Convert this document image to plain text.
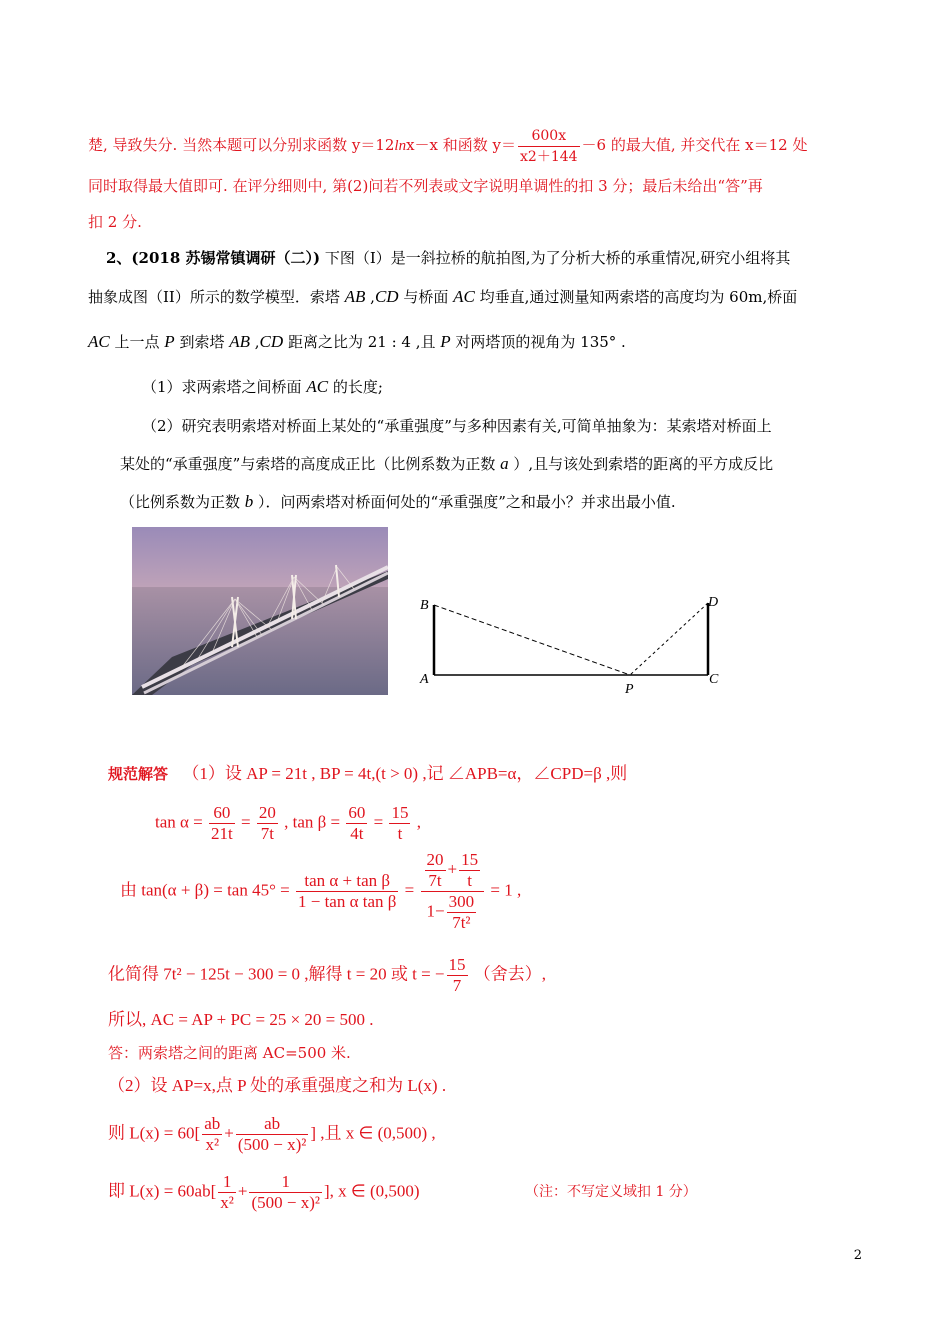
楚, 导致失分. 当然本题可以分别求函数 y＝12lnx－x 和函数 $y= \frac{600x}{x2+144} -6$ 的最大值, 并交代在 x＝12 处
同时取得最大值即可. 在评分细则中, 第(2)问若不列表或文字说明单调性的扣 3 分；最后未给出“答”再
扣 2 分.
2、(2018 苏锡常镇调研（二）) 下图（I）是一斜拉桥的航拍图,为了分析大桥的承重情况,研究小组将其
抽象成图（II）所示的数学模型．索塔 AB ,CD 与桥面 AC 均垂直,通过测量知两索塔的高度均为 60m,桥面
AC 上一点 P 到索塔 AB ,CD 距离之比为 21 : 4 ,且 P 对两塔顶的视角为 135° .
（1）求两索塔之间桥面 AC 的长度;
（2）研究表明索塔对桥面上某处的“承重强度”与多种因素有关,可简单抽象为：某索塔对桥面上
某处的“承重强度”与索塔的高度成正比（比例系数为正数 a ）,且与该处到索塔的距离的平方成反比
（比例系数为正数 b ）．问两索塔对桥面何处的“承重强度”之和最小？并求出最小值.
B
A
D
C
P
规范解答 （1）设 AP = 21t , BP = 4t,(t > 0) ,记 ∠APB=α，∠CPD=β ,则
$\tan \alpha = \frac{60}{21t} = \frac{20}{7t}$ , $\tan \beta = \frac{60}{4t} = \frac{15}{t}$ ,
由 $\tan(\alpha + \beta) = \tan 45^\circ = \frac{\text{tan α + tan β}}{\text{1 − tan α tan β}} = \frac{\frac{20}{7t} + \frac{15}{t}}{1- \frac{300}{\text{7t²}}} = 1$ ,
化简得 7t² − 125t − 300 = 0 ,解得 t = 20 或 t = − $\frac{15}{7}$ （舍去）,
所以, AC = AP + PC = 25 × 20 = 500 .
答：两索塔之间的距离 AC=500 米.
（2）设 AP=x,点 P 处的承重强度之和为 L(x) .
则 $L(x) = 60[ \frac{ab}{\text{x²}} + \frac{ab}{\text{(500 − x)²}}$ ] ,且 x ∈ (0,500) ,
即 $L(x) = 60ab[ \frac{1}{\text{x²}} + \frac{1}{\text{(500 − x)²}}$ ], x ∈ (0,500)	（注：不写定义域扣 1 分）
2
